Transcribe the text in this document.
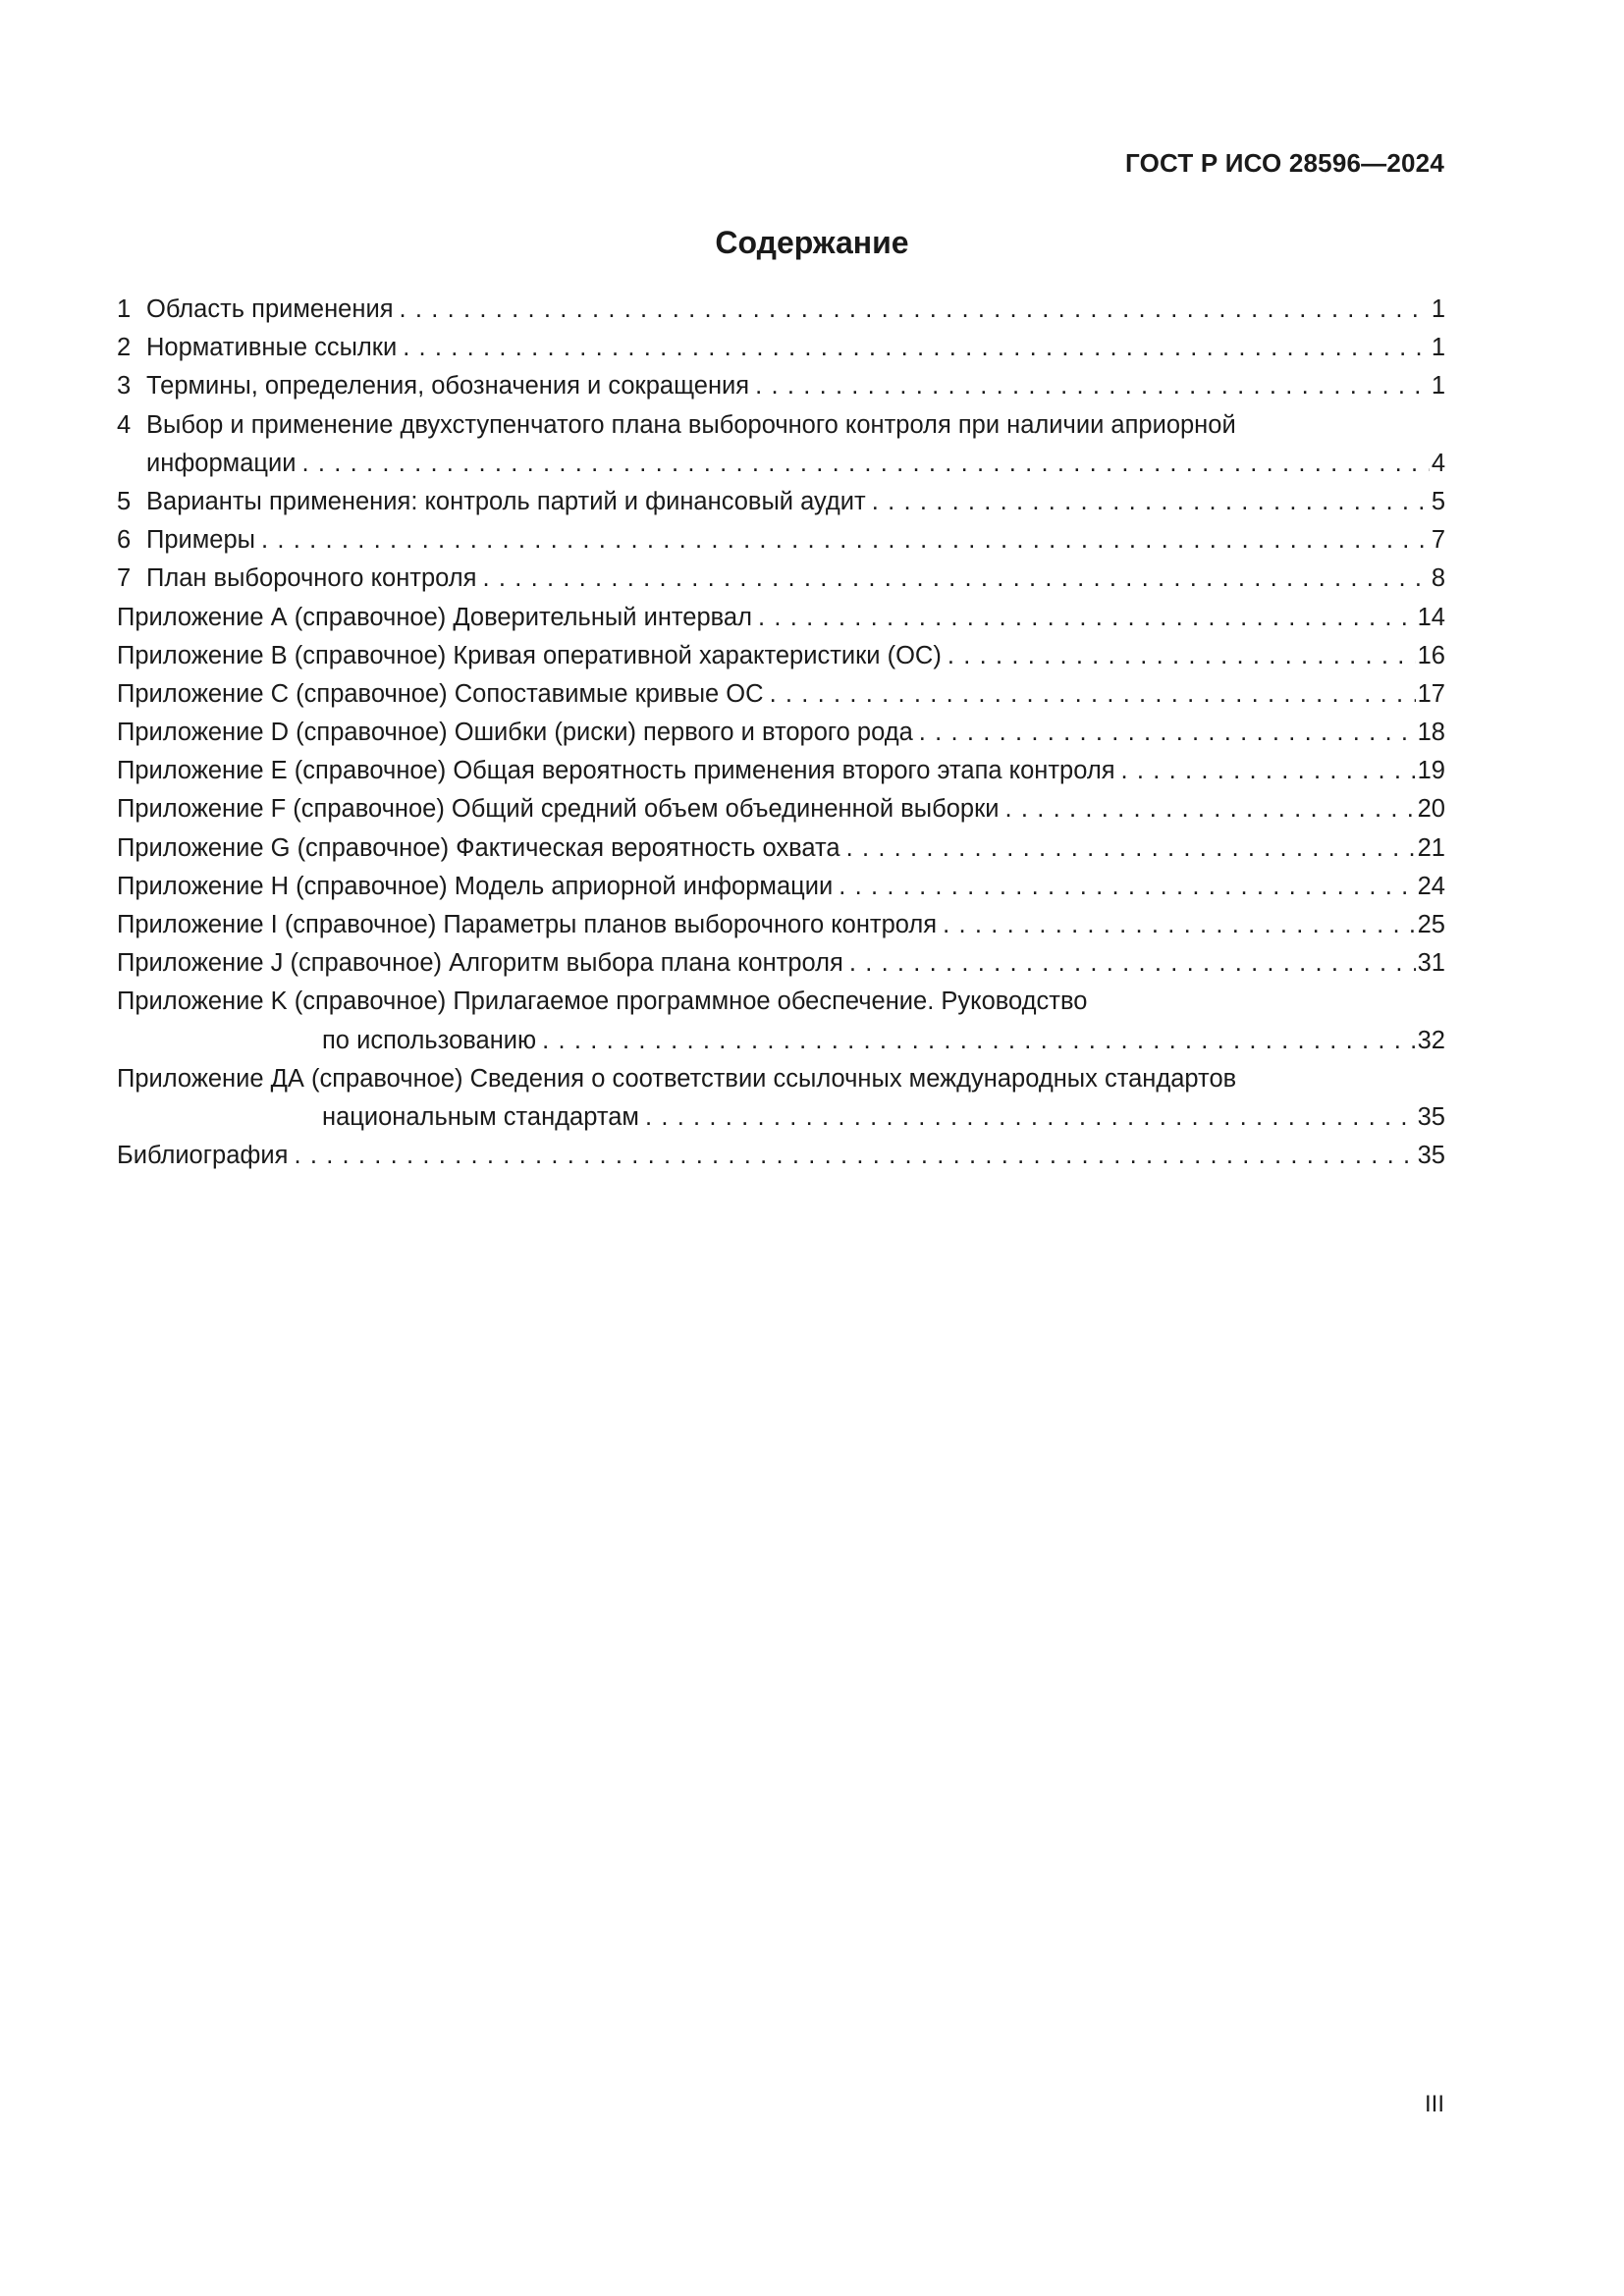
ГОСТ Р ИСО 28596—2024
Содержание
1 Область применения . . .	1
2 Нормативные ссылки . . .	1
3 Термины, определения, обозначения и сокращения . . .	1
4 Выбор и применение двухступенчатого плана выборочного контроля при наличии априорной
информации . . .	4
5 Варианты применения: контроль партий и финансовый аудит . . .	5
6 Примеры . . .	7
7 План выборочного контроля . . .	8
Приложение А (справочное) Доверительный интервал . . .	14
Приложение В (справочное) Кривая оперативной характеристики (ОС) . . .	16
Приложение С (справочное) Сопоставимые кривые ОС . . .	17
Приложение D (справочное) Ошибки (риски) первого и второго рода . . .	18
Приложение Е (справочное) Общая вероятность применения второго этапа контроля . . .	19
Приложение F (справочное) Общий средний объем объединенной выборки . . .	20
Приложение G (справочное) Фактическая вероятность охвата . . .	21
Приложение Н (справочное) Модель априорной информации . . .	24
Приложение I (справочное) Параметры планов выборочного контроля . . .	25
Приложение J (справочное) Алгоритм выбора плана контроля . . .	31
Приложение K (справочное) Прилагаемое программное обеспечение. Руководство
по использованию . . .	32
Приложение ДА (справочное) Сведения о соответствии ссылочных международных стандартов
национальным стандартам . . .	35
Библиография . . .	35
III
